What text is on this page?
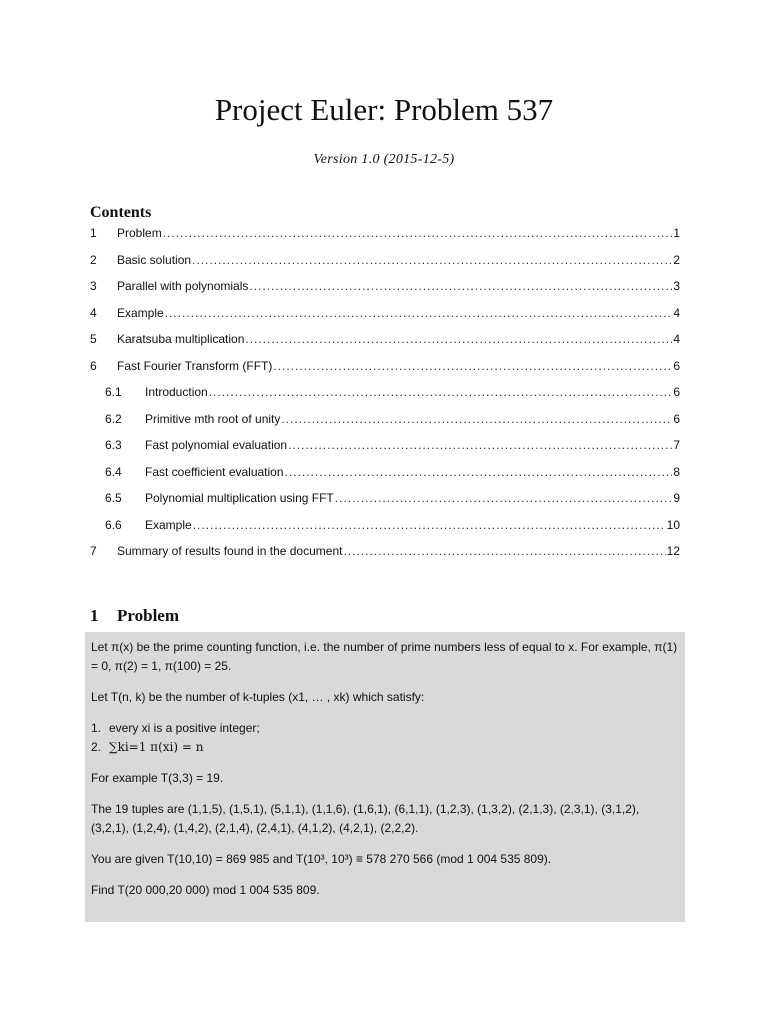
Project Euler: Problem 537
Version 1.0 (2015-12-5)
Contents
1	Problem .....	1
2	Basic solution .....	2
3	Parallel with polynomials .....	3
4	Example .....	4
5	Karatsuba multiplication .....	4
6	Fast Fourier Transform (FFT) .....	6
6.1	Introduction .....	6
6.2	Primitive mth root of unity .....	6
6.3	Fast polynomial evaluation .....	7
6.4	Fast coefficient evaluation .....	8
6.5	Polynomial multiplication using FFT .....	9
6.6	Example .....	10
7	Summary of results found in the document .....	12
1 Problem

Let π(x) be the prime counting function, i.e. the number of prime numbers less of equal to x. For example, π(1) = 0, π(2) = 1, π(100) = 25.

Let T(n, k) be the number of k-tuples (x1, … , xk) which satisfy:

1. every xi is a positive integer;
2. ∑ki=1 π(xi) = n

For example T(3,3) = 19.

The 19 tuples are (1,1,5), (1,5,1), (5,1,1), (1,1,6), (1,6,1), (6,1,1), (1,2,3), (1,3,2), (2,1,3), (2,3,1), (3,1,2), (3,2,1), (1,2,4), (1,4,2), (2,1,4), (2,4,1), (4,1,2), (4,2,1), (2,2,2).

You are given T(10,10) = 869 985 and T(10³, 10³) ≡ 578 270 566 (mod 1 004 535 809).

Find T(20 000,20 000) mod 1 004 535 809.
